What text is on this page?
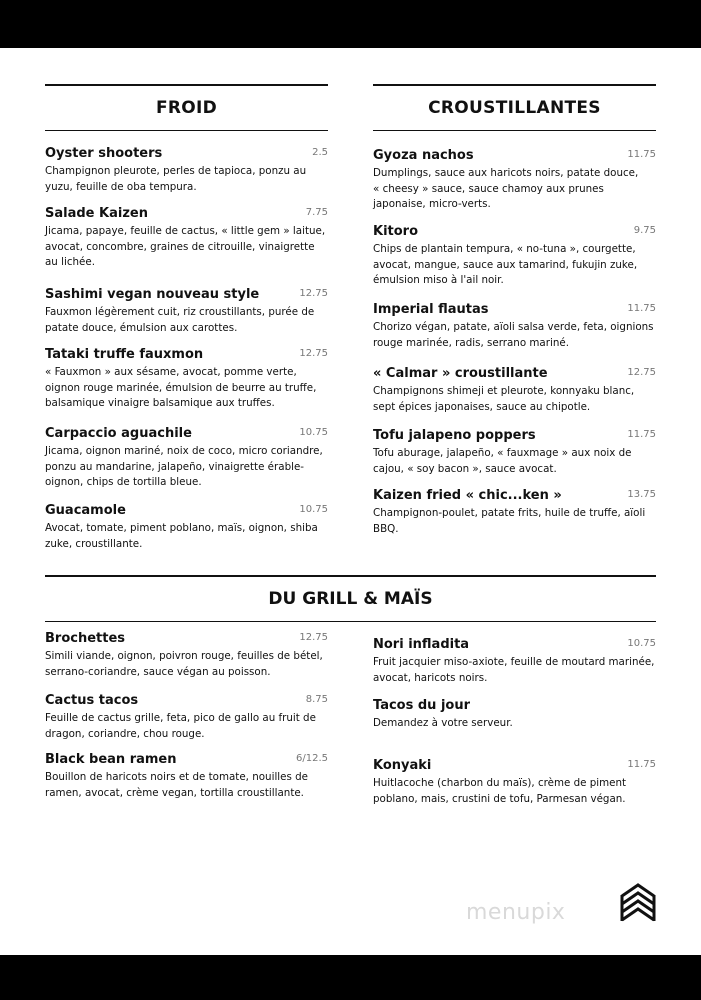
FROID
Oyster shooters	2.5
Champignon pleurote, perles de tapioca, ponzu au
yuzu, feuille de oba tempura.
Salade Kaizen	7.75
Jicama, papaye, feuille de cactus, « little gem » laitue,
avocat, concombre, graines de citrouille, vinaigrette
au lichée.
Sashimi vegan nouveau style	12.75
Fauxmon légèrement cuit, riz croustillants, purée de
patate douce, émulsion aux carottes.
Tataki truffe fauxmon	12.75
« Fauxmon » aux sésame, avocat, pomme verte,
oignon rouge marinée, émulsion de beurre au truffe,
balsamique vinaigre balsamique aux truffes.
Carpaccio aguachile	10.75
Jicama, oignon mariné, noix de coco, micro coriandre,
ponzu au mandarine, jalapeño, vinaigrette érable-
oignon, chips de tortilla bleue.
Guacamole	10.75
Avocat, tomate, piment poblano, maïs, oignon, shiba
zuke, croustillante.
CROUSTILLANTES
Gyoza nachos	11.75
Dumplings, sauce aux haricots noirs, patate douce,
« cheesy » sauce, sauce chamoy aux prunes
japonaise, micro-verts.
Kitoro	9.75
Chips de plantain tempura, « no-tuna », courgette,
avocat, mangue, sauce aux tamarind, fukujin zuke,
émulsion miso à l'ail noir.
Imperial flautas	11.75
Chorizo végan, patate, aïoli salsa verde, feta, oignions
rouge marinée, radis, serrano mariné.
« Calmar » croustillante	12.75
Champignons shimeji et pleurote, konnyaku blanc,
sept épices japonaises, sauce au chipotle.
Tofu jalapeno poppers	11.75
Tofu aburage, jalapeño, « fauxmage » aux noix de
cajou, « soy bacon », sauce avocat.
Kaizen fried « chic...ken »	13.75
Champignon-poulet, patate frits, huile de truffe, aïoli
BBQ.
DU GRILL & MAÏS
Brochettes	12.75
Simili viande, oignon, poivron rouge, feuilles de bétel,
serrano-coriandre, sauce végan au poisson.
Cactus tacos	8.75
Feuille de cactus grille, feta, pico de gallo au fruit de
dragon, coriandre, chou rouge.
Black bean ramen	6/12.5
Bouillon de haricots noirs et de tomate, nouilles de
ramen, avocat, crème vegan, tortilla croustillante.
Nori infladita	10.75
Fruit jacquier miso-axiote, feuille de moutard marinée,
avocat, haricots noirs.
Tacos du jour
Demandez à votre serveur.
Konyaki	11.75
Huitlacoche (charbon du maïs), crème de piment
poblano, mais, crustini de tofu, Parmesan végan.
menupix
